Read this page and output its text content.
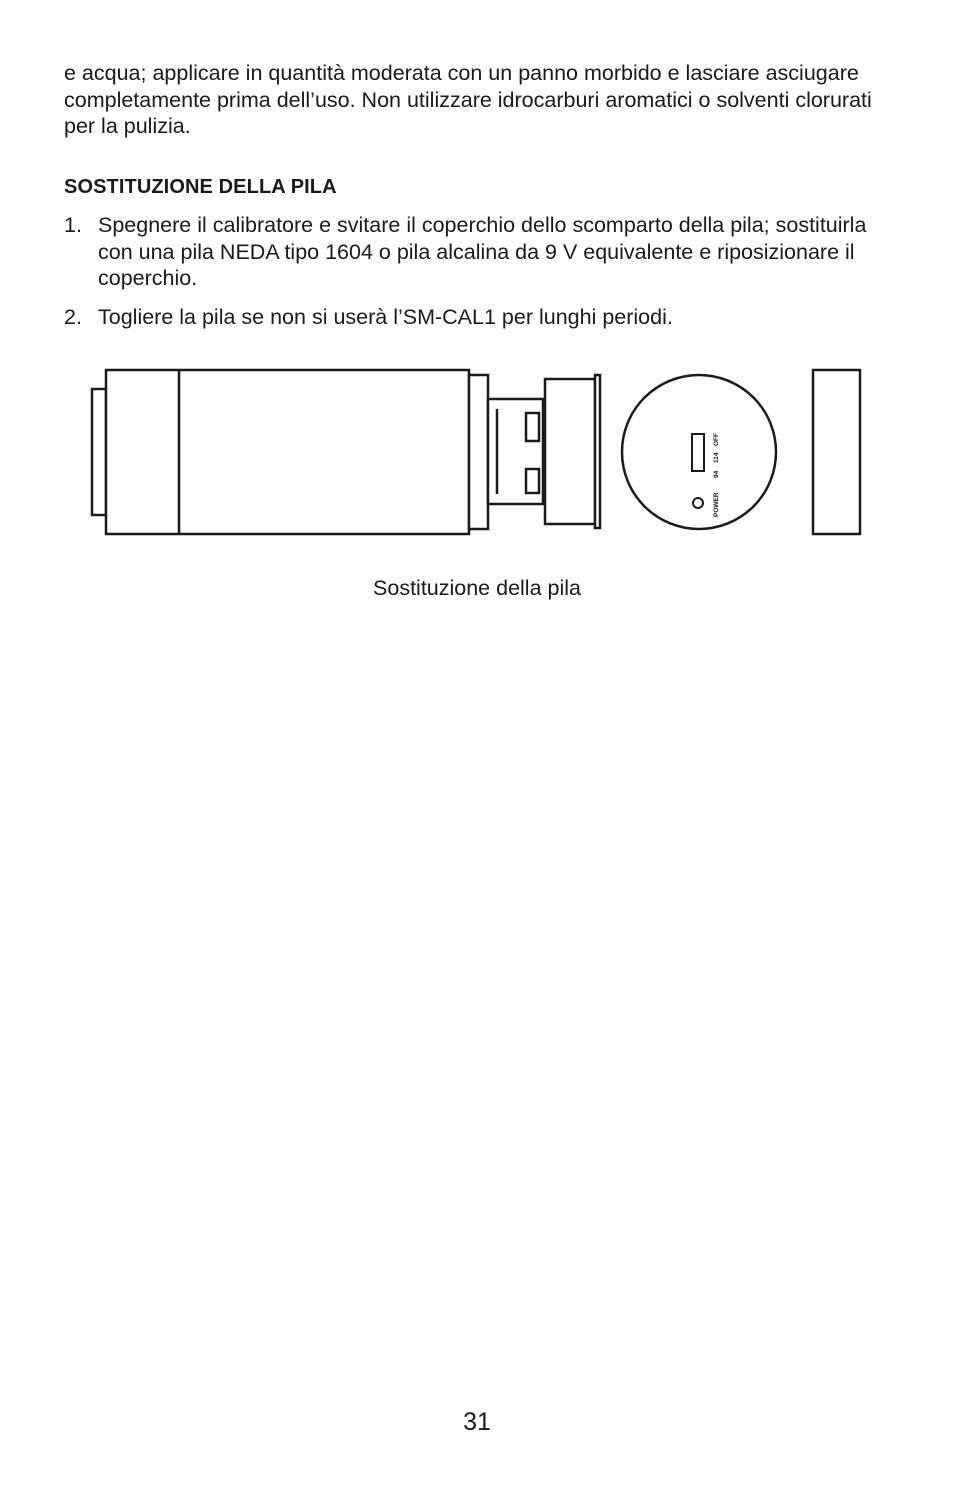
e acqua; applicare in quantità moderata con un panno morbido e lasciare asciugare completamente prima dell’uso. Non utilizzare idrocarburi aromatici o solventi clorurati per la pulizia.

SOSTITUZIONE DELLA PILA
1. Spegnere il calibratore e svitare il coperchio dello scomparto della pila; sostituirla con una pila NEDA tipo 1604 o pila alcalina da 9 V equivalente e riposizionare il coperchio.
2. Togliere la pila se non si userà l’SM-CAL1 per lunghi periodi.
94
114
OFF
POWER

Sostituzione della pila

31
